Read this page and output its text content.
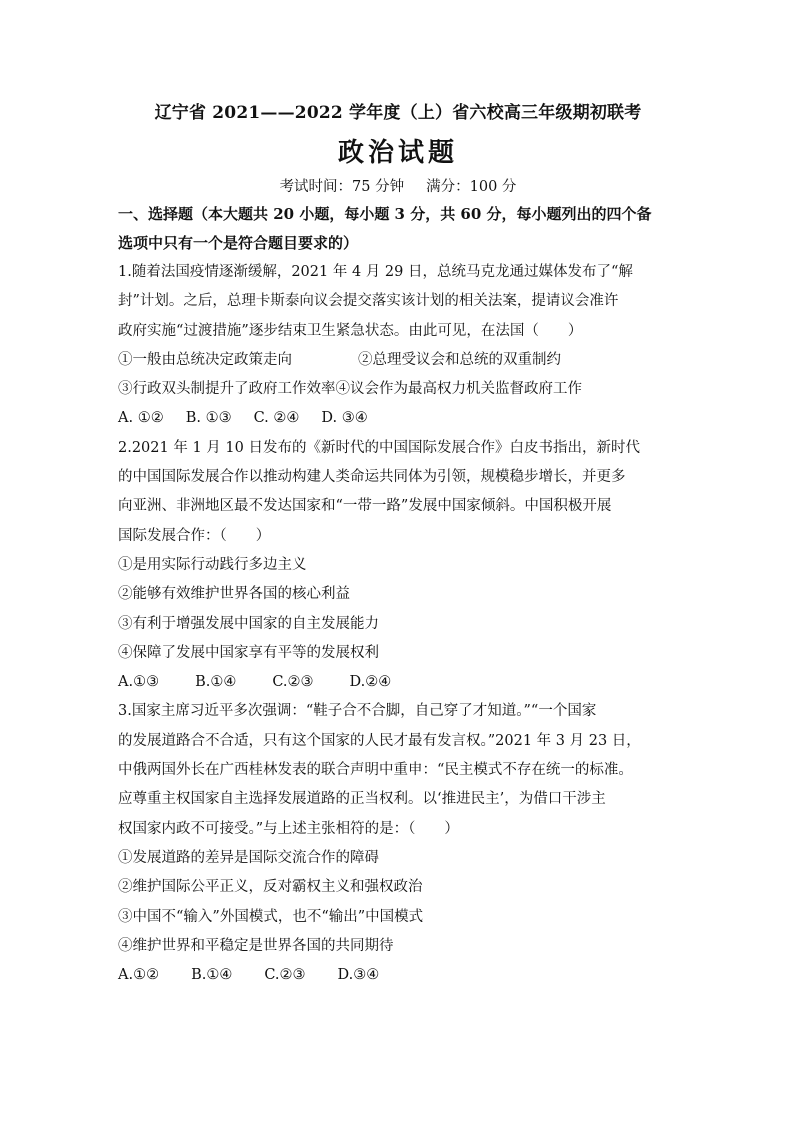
辽宁省 2021——2022 学年度（上）省六校高三年级期初联考
政治试题
考试时间：75 分钟 满分：100 分
一、选择题（本大题共 20 小题，每小题 3 分，共 60 分，每小题列出的四个备
选项中只有一个是符合题目要求的）
1.随着法国疫情逐渐缓解，2021 年 4 月 29 日，总统马克龙通过媒体发布了“解
封”计划。之后，总理卡斯泰向议会提交落实该计划的相关法案，提请议会准许
政府实施“过渡措施”逐步结束卫生紧急状态。由此可见，在法国（　　）
①一般由总统决定政策走向	②总理受议会和总统的双重制约
③行政双头制提升了政府工作效率④议会作为最高权力机关监督政府工作
A. ①② B. ①③ C. ②④ D. ③④
2.2021 年 1 月 10 日发布的《新时代的中国国际发展合作》白皮书指出，新时代
的中国国际发展合作以推动构建人类命运共同体为引领，规模稳步增长，并更多
向亚洲、非洲地区最不发达国家和“一带一路”发展中国家倾斜。中国积极开展
国际发展合作：（　　）
①是用实际行动践行多边主义
②能够有效维护世界各国的核心利益
③有利于增强发展中国家的自主发展能力
④保障了发展中国家享有平等的发展权利
A.①③ B.①④ C.②③ D.②④
3.国家主席习近平多次强调：“鞋子合不合脚，自己穿了才知道。”“一个国家
的发展道路合不合适，只有这个国家的人民才最有发言权。”2021 年 3 月 23 日，
中俄两国外长在广西桂林发表的联合声明中重申：“民主模式不存在统一的标准。
应尊重主权国家自主选择发展道路的正当权利。以‘推进民主’，为借口干涉主
权国家内政不可接受。”与上述主张相符的是：（　　）
①发展道路的差异是国际交流合作的障碍
②维护国际公平正义，反对霸权主义和强权政治
③中国不“输入”外国模式，也不“输出”中国模式
④维护世界和平稳定是世界各国的共同期待
A.①② B.①④ C.②③ D.③④
